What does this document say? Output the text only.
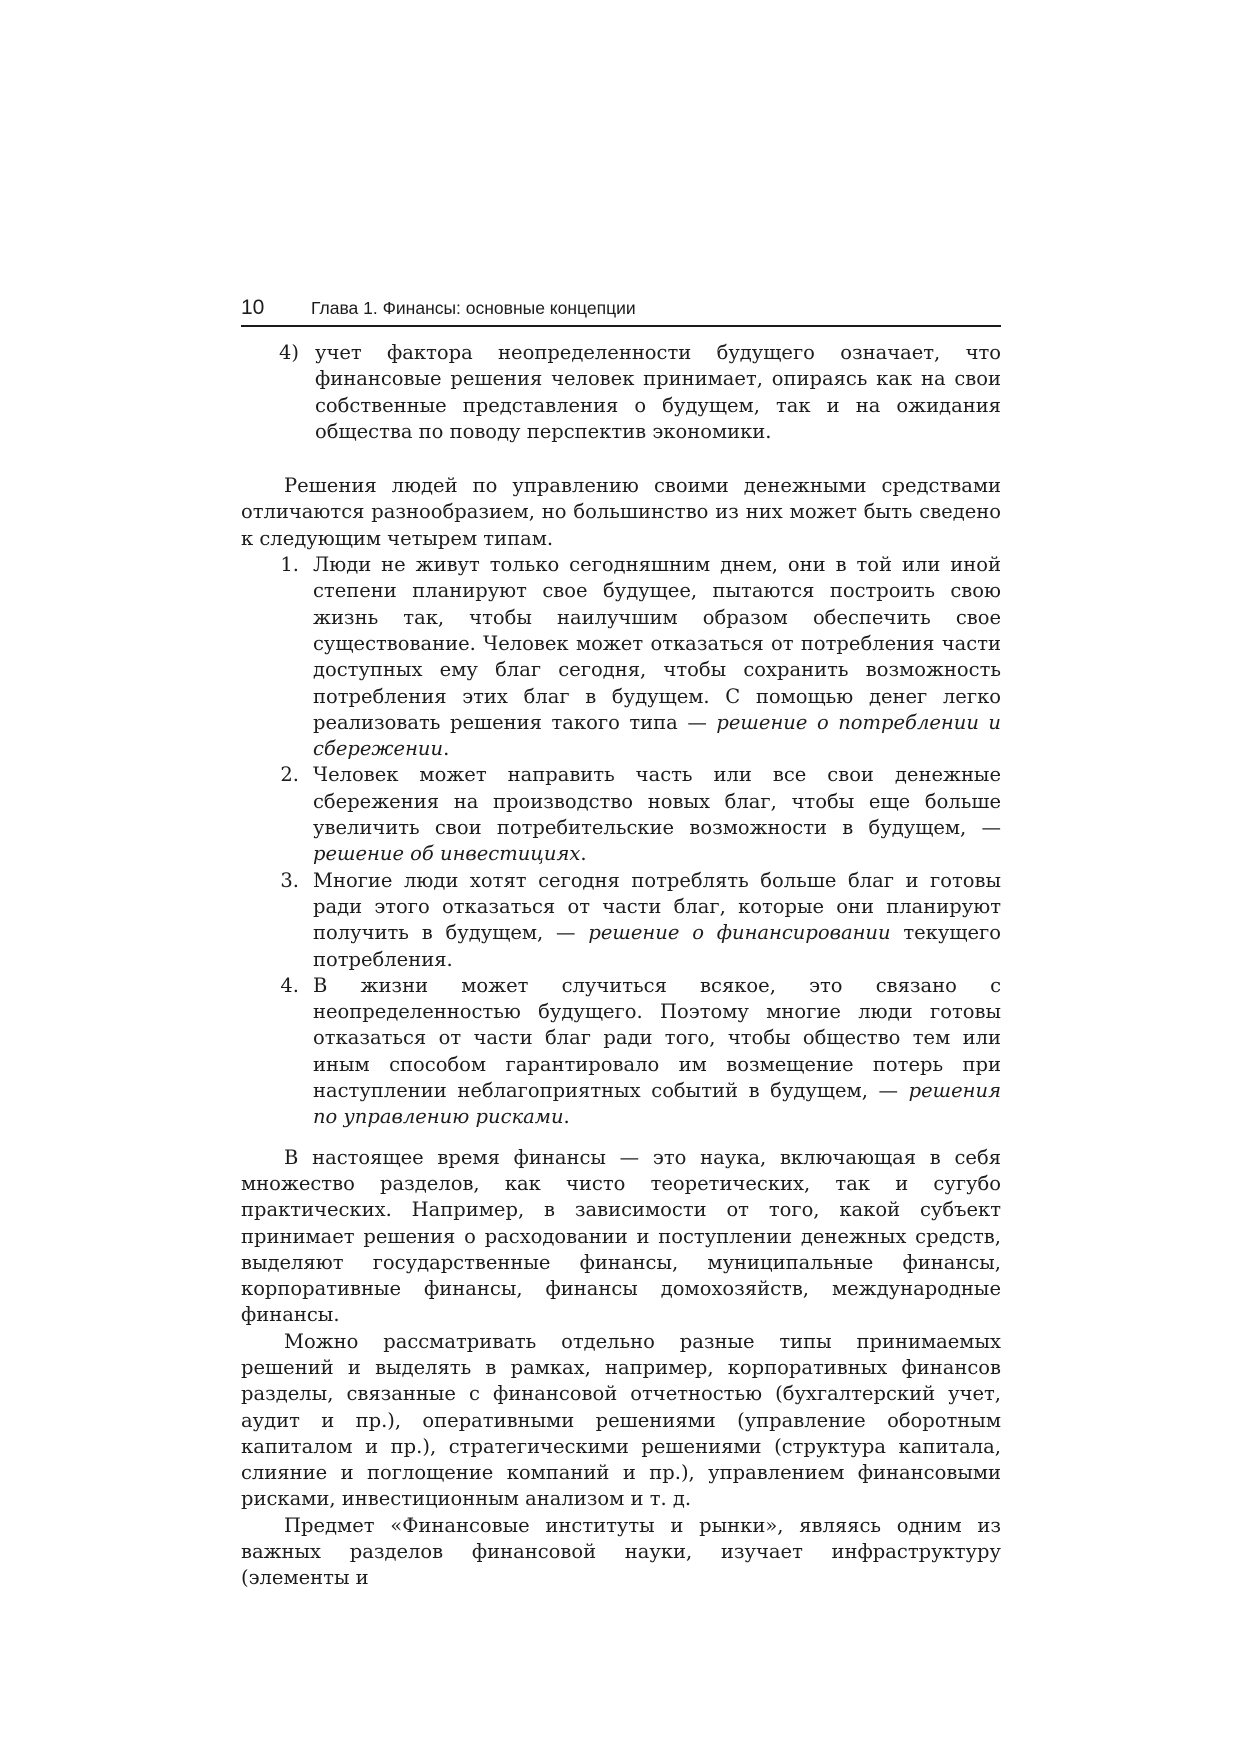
10	Глава 1. Финансы: основные концепции
4) учет фактора неопределенности будущего означает, что финансовые решения человек принимает, опираясь как на свои собственные представления о будущем, так и на ожидания общества по поводу перспектив экономики.

Решения людей по управлению своими денежными средствами отличаются разнообразием, но большинство из них может быть сведено к следующим четырем типам.

1. Люди не живут только сегодняшним днем, они в той или иной степени планируют свое будущее, пытаются построить свою жизнь так, чтобы наилучшим образом обеспечить свое существование. Человек может отказаться от потребления части доступных ему благ сегодня, чтобы сохранить возможность потребления этих благ в будущем. С помощью денег легко реализовать решения такого типа — решение о потреблении и сбережении.
2. Человек может направить часть или все свои денежные сбережения на производство новых благ, чтобы еще больше увеличить свои потребительские возможности в будущем, — решение об инвестициях.
3. Многие люди хотят сегодня потреблять больше благ и готовы ради этого отказаться от части благ, которые они планируют получить в будущем, — решение о финансировании текущего потребления.
4. В жизни может случиться всякое, это связано с неопределенностью будущего. Поэтому многие люди готовы отказаться от части благ ради того, чтобы общество тем или иным способом гарантировало им возмещение потерь при наступлении неблагоприятных событий в будущем, — решения по управлению рисками.

В настоящее время финансы — это наука, включающая в себя множество разделов, как чисто теоретических, так и сугубо практических. Например, в зависимости от того, какой субъект принимает решения о расходовании и поступлении денежных средств, выделяют государственные финансы, муниципальные финансы, корпоративные финансы, финансы домохозяйств, международные финансы.

Можно рассматривать отдельно разные типы принимаемых решений и выделять в рамках, например, корпоративных финансов разделы, связанные с финансовой отчетностью (бухгалтерский учет, аудит и пр.), оперативными решениями (управление оборотным капиталом и пр.), стратегическими решениями (структура капитала, слияние и поглощение компаний и пр.), управлением финансовыми рисками, инвестиционным анализом и т. д.

Предмет «Финансовые институты и рынки», являясь одним из важных разделов финансовой науки, изучает инфраструктуру (элементы и
